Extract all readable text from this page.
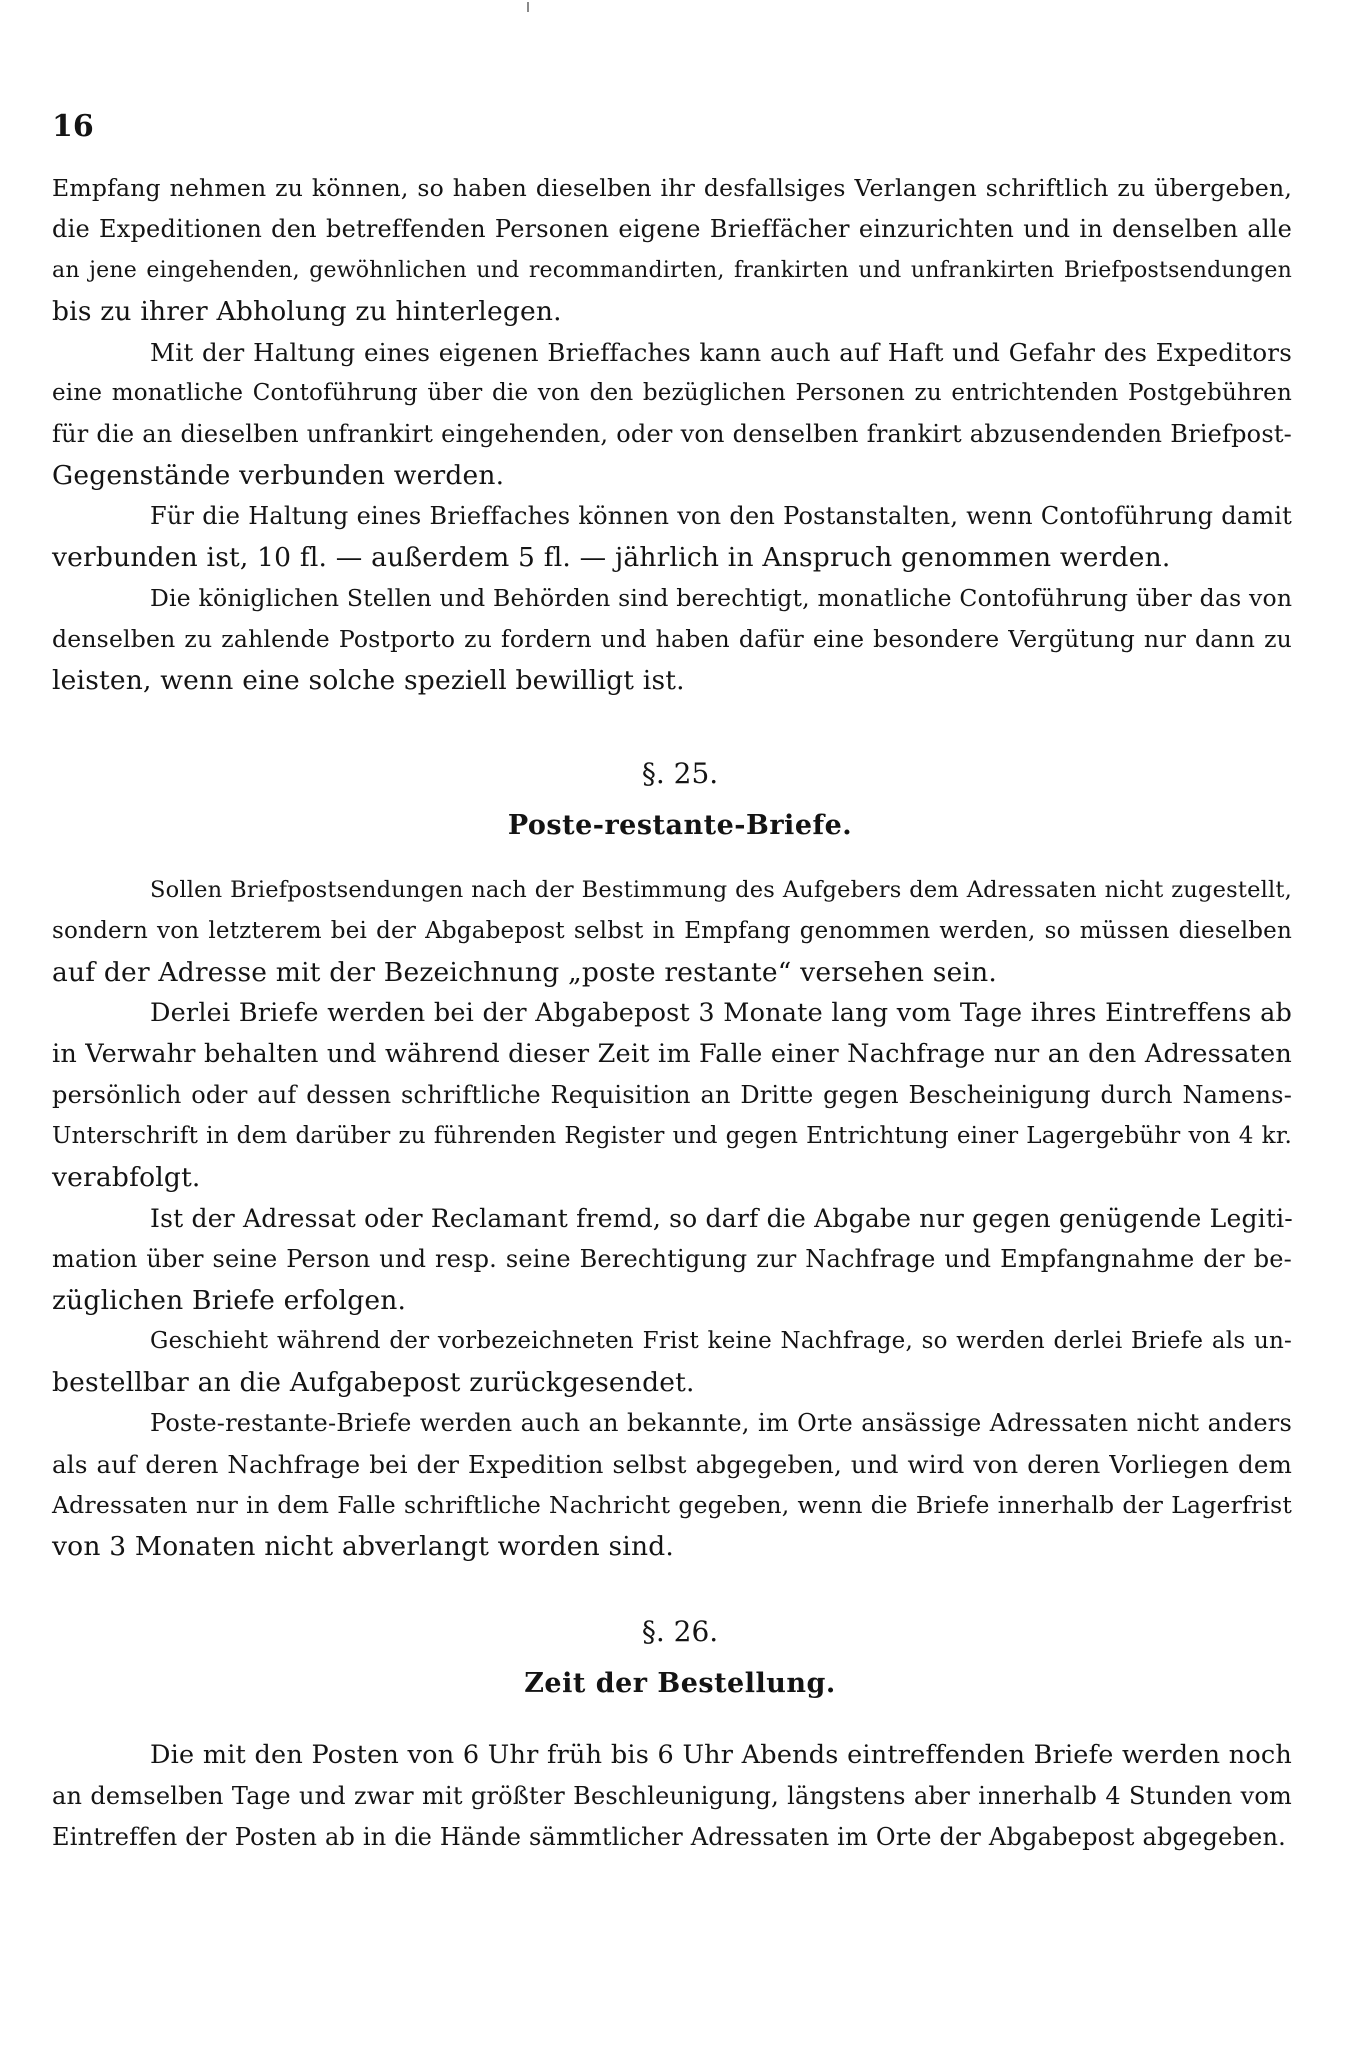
16
Empfang nehmen zu können, so haben dieselben ihr desfallsiges Verlangen schriftlich zu übergeben,
die Expeditionen den betreffenden Personen eigene Brieffächer einzurichten und in denselben alle
an jene eingehenden, gewöhnlichen und recommandirten, frankirten und unfrankirten Briefpostsendungen
bis zu ihrer Abholung zu hinterlegen.
Mit der Haltung eines eigenen Brieffaches kann auch auf Haft und Gefahr des Expeditors
eine monatliche Contoführung über die von den bezüglichen Personen zu entrichtenden Postgebühren
für die an dieselben unfrankirt eingehenden, oder von denselben frankirt abzusendenden Briefpost-
Gegenstände verbunden werden.
Für die Haltung eines Brieffaches können von den Postanstalten, wenn Contoführung damit
verbunden ist, 10 fl. — außerdem 5 fl. — jährlich in Anspruch genommen werden.
Die königlichen Stellen und Behörden sind berechtigt, monatliche Contoführung über das von
denselben zu zahlende Postporto zu fordern und haben dafür eine besondere Vergütung nur dann zu
leisten, wenn eine solche speziell bewilligt ist.
§. 25.
Poste-restante-Briefe.
Sollen Briefpostsendungen nach der Bestimmung des Aufgebers dem Adressaten nicht zugestellt,
sondern von letzterem bei der Abgabepost selbst in Empfang genommen werden, so müssen dieselben
auf der Adresse mit der Bezeichnung „poste restante“ versehen sein.
Derlei Briefe werden bei der Abgabepost 3 Monate lang vom Tage ihres Eintreffens ab
in Verwahr behalten und während dieser Zeit im Falle einer Nachfrage nur an den Adressaten
persönlich oder auf dessen schriftliche Requisition an Dritte gegen Bescheinigung durch Namens-
Unterschrift in dem darüber zu führenden Register und gegen Entrichtung einer Lagergebühr von 4 kr.
verabfolgt.
Ist der Adressat oder Reclamant fremd, so darf die Abgabe nur gegen genügende Legiti-
mation über seine Person und resp. seine Berechtigung zur Nachfrage und Empfangnahme der be-
züglichen Briefe erfolgen.
Geschieht während der vorbezeichneten Frist keine Nachfrage, so werden derlei Briefe als un-
bestellbar an die Aufgabepost zurückgesendet.
Poste-restante-Briefe werden auch an bekannte, im Orte ansässige Adressaten nicht anders
als auf deren Nachfrage bei der Expedition selbst abgegeben, und wird von deren Vorliegen dem
Adressaten nur in dem Falle schriftliche Nachricht gegeben, wenn die Briefe innerhalb der Lagerfrist
von 3 Monaten nicht abverlangt worden sind.
§. 26.
Zeit der Bestellung.
Die mit den Posten von 6 Uhr früh bis 6 Uhr Abends eintreffenden Briefe werden noch
an demselben Tage und zwar mit größter Beschleunigung, längstens aber innerhalb 4 Stunden vom
Eintreffen der Posten ab in die Hände sämmtlicher Adressaten im Orte der Abgabepost abgegeben.
